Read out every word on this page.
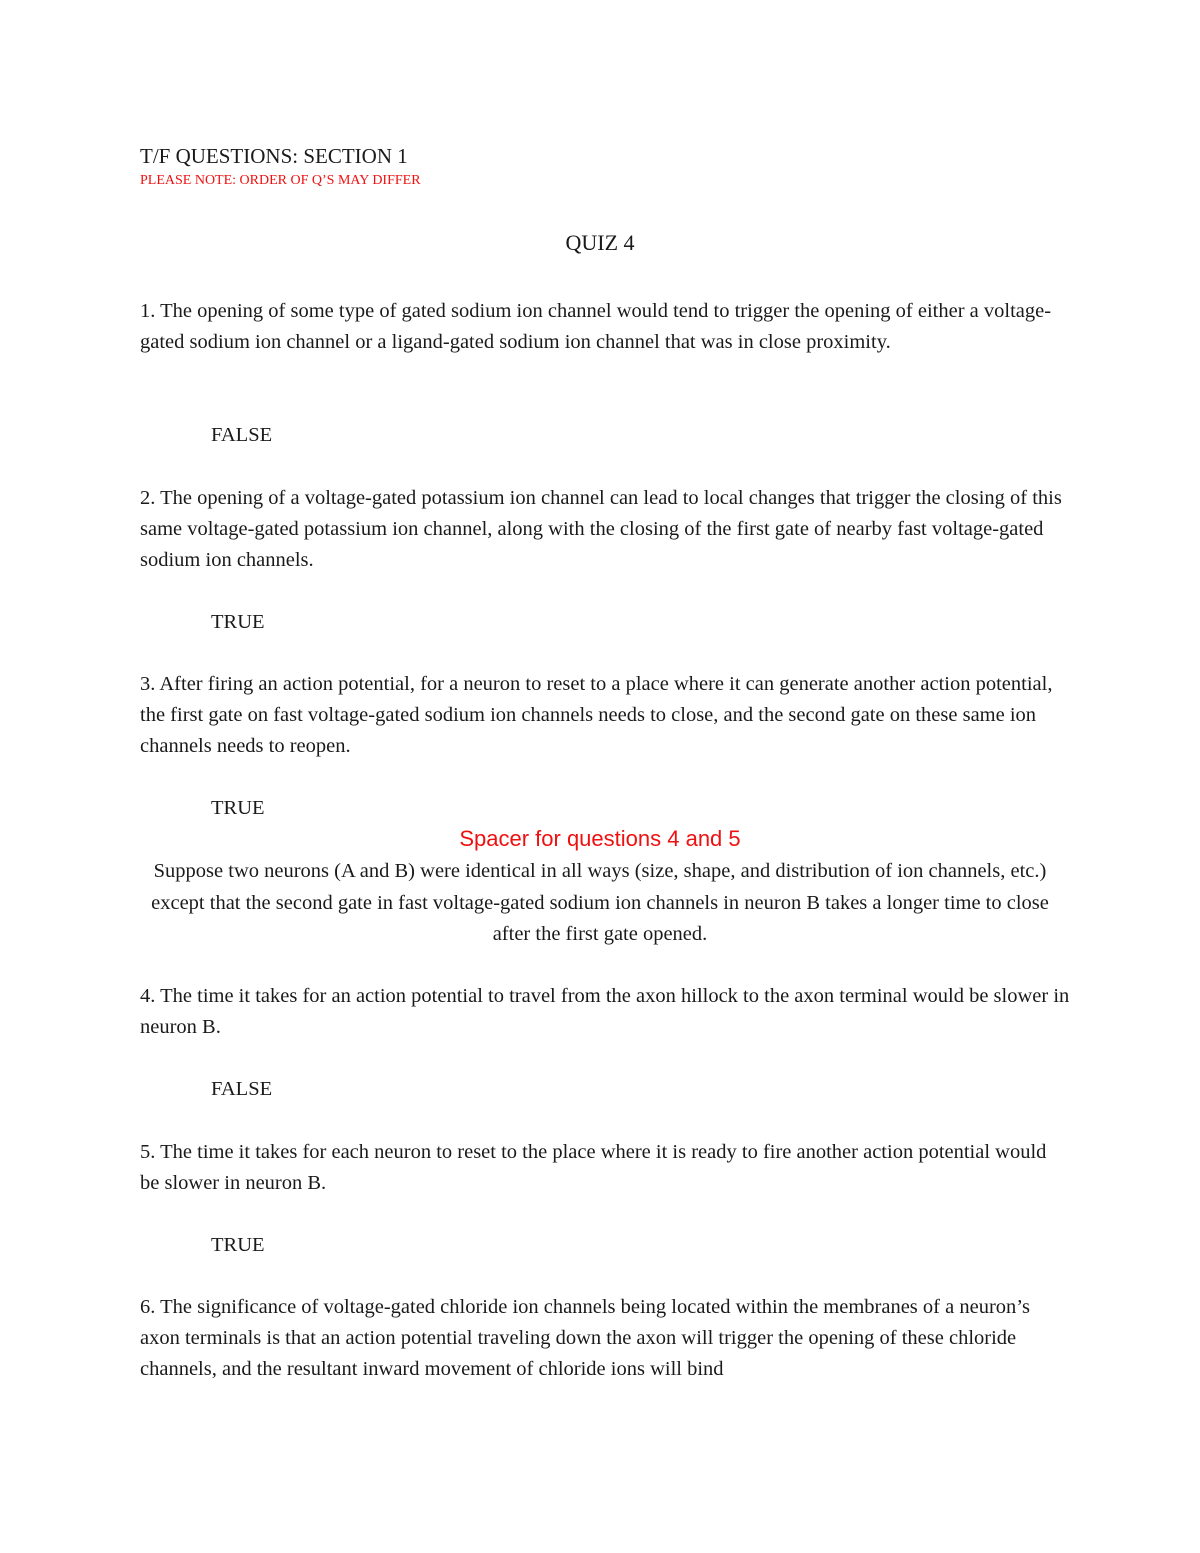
T/F QUESTIONS: SECTION 1
PLEASE NOTE: ORDER OF Q’S MAY DIFFER
QUIZ 4

1. The opening of some type of gated sodium ion channel would tend to trigger the opening of either a voltage-gated sodium ion channel or a ligand-gated sodium ion channel that was in close proximity.

FALSE

2. The opening of a voltage-gated potassium ion channel can lead to local changes that trigger the closing of this same voltage-gated potassium ion channel, along with the closing of the first gate of nearby fast voltage-gated sodium ion channels.

TRUE

3. After firing an action potential, for a neuron to reset to a place where it can generate another action potential, the first gate on fast voltage-gated sodium ion channels needs to close, and the second gate on these same ion channels needs to reopen.

TRUE
Spacer for questions 4 and 5

Suppose two neurons (A and B) were identical in all ways (size, shape, and distribution of ion channels, etc.) except that the second gate in fast voltage-gated sodium ion channels in neuron B takes a longer time to close after the first gate opened.

4. The time it takes for an action potential to travel from the axon hillock to the axon terminal would be slower in neuron B.

FALSE

5. The time it takes for each neuron to reset to the place where it is ready to fire another action potential would be slower in neuron B.

TRUE

6. The significance of voltage-gated chloride ion channels being located within the membranes of a neuron’s axon terminals is that an action potential traveling down the axon will trigger the opening of these chloride channels, and the resultant inward movement of chloride ions will bind
